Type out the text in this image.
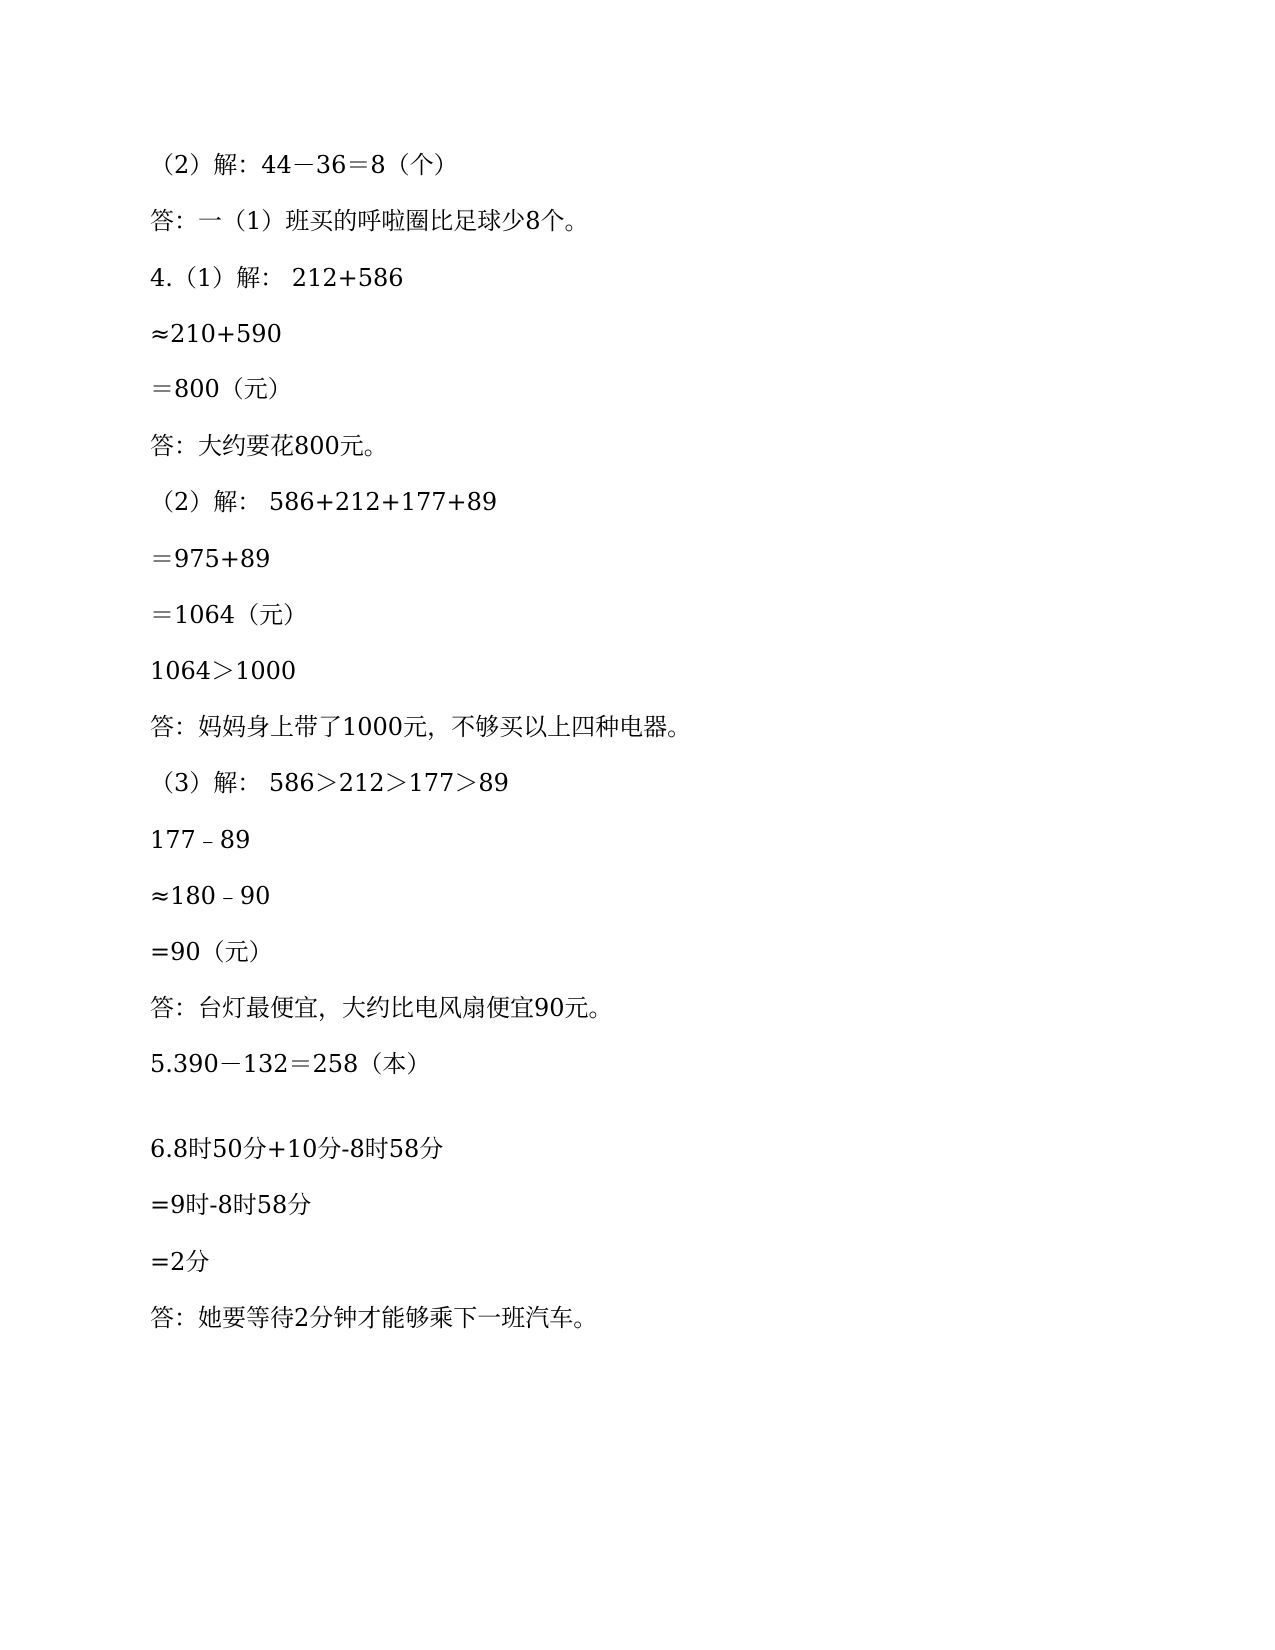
（2）解：44－36＝8（个）
答：一（1）班买的呼啦圈比足球少8个。
4.（1）解： 212+586
≈210+590
＝800（元）
答：大约要花800元。
（2）解： 586+212+177+89
＝975+89
＝1064（元）
1064＞1000
答：妈妈身上带了1000元，不够买以上四种电器。
（3）解： 586＞212＞177＞89
177﹣89
≈180﹣90
=90（元）
答：台灯最便宜，大约比电风扇便宜90元。
5.390－132＝258（本）
6.8时50分+10分-8时58分
=9时-8时58分
=2分
答：她要等待2分钟才能够乘下一班汽车。
